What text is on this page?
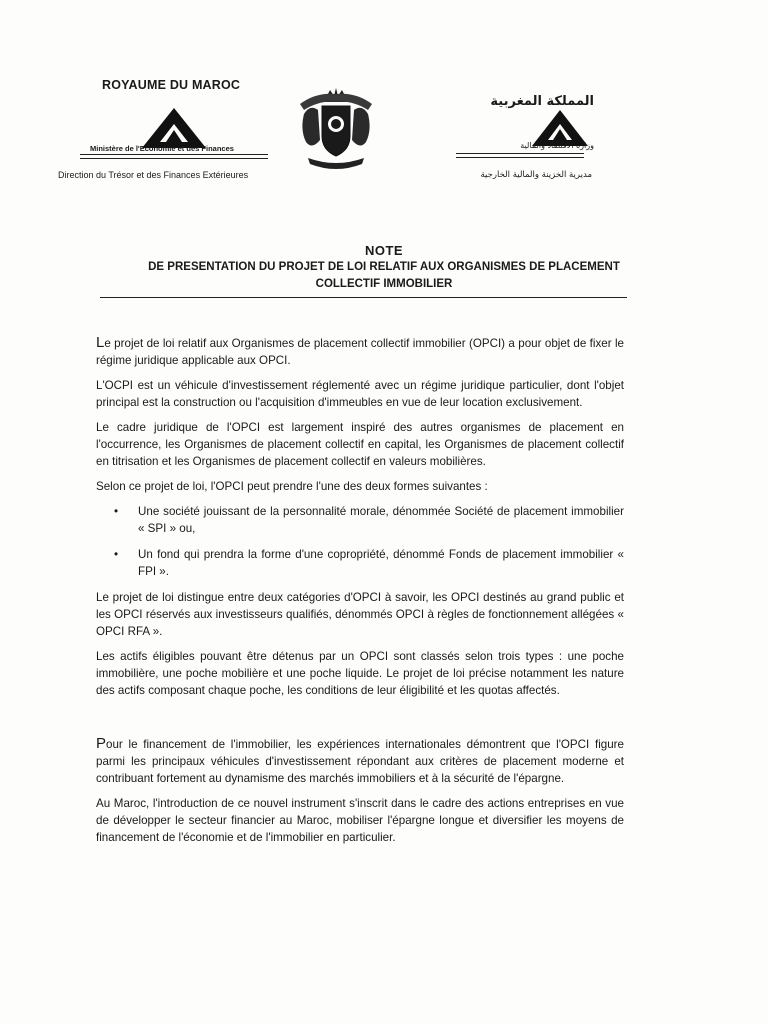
ROYAUME DU MAROC
Ministère de l'Economie et des Finances
Direction du Trésor et des Finances Extérieures
المملكة المغربية
وزارة الاقتصاد والمالية
مديرية الخزينة والمالية الخارجية
NOTE
DE PRESENTATION DU PROJET DE LOI RELATIF AUX ORGANISMES DE PLACEMENT
COLLECTIF IMMOBILIER

Le projet de loi relatif aux Organismes de placement collectif immobilier (OPCI) a pour objet de fixer le régime juridique applicable aux OPCI.

L'OCPI est un véhicule d'investissement réglementé avec un régime juridique particulier, dont l'objet principal est la construction ou l'acquisition d'immeubles en vue de leur location exclusivement.

Le cadre juridique de l'OPCI est largement inspiré des autres organismes de placement en l'occurrence, les Organismes de placement collectif en capital, les Organismes de placement collectif en titrisation et les Organismes de placement collectif en valeurs mobilières.

Selon ce projet de loi, l'OPCI peut prendre l'une des deux formes suivantes :

• Une société jouissant de la personnalité morale, dénommée Société de placement immobilier « SPI » ou,
• Un fond qui prendra la forme d'une copropriété, dénommé Fonds de placement immobilier « FPI ».

Le projet de loi distingue entre deux catégories d'OPCI à savoir, les OPCI destinés au grand public et les OPCI réservés aux investisseurs qualifiés, dénommés OPCI à règles de fonctionnement allégées « OPCI RFA ».

Les actifs éligibles pouvant être détenus par un OPCI sont classés selon trois types : une poche immobilière, une poche mobilière et une poche liquide. Le projet de loi précise notamment les nature des actifs composant chaque poche, les conditions de leur éligibilité et les quotas affectés.

Pour le financement de l'immobilier, les expériences internationales démontrent que l'OPCI figure parmi les principaux véhicules d'investissement répondant aux critères de placement moderne et contribuant fortement au dynamisme des marchés immobiliers et à la sécurité de l'épargne.

Au Maroc, l'introduction de ce nouvel instrument s'inscrit dans le cadre des actions entreprises en vue de développer le secteur financier au Maroc, mobiliser l'épargne longue et diversifier les moyens de financement de l'économie et de l'immobilier en particulier.
